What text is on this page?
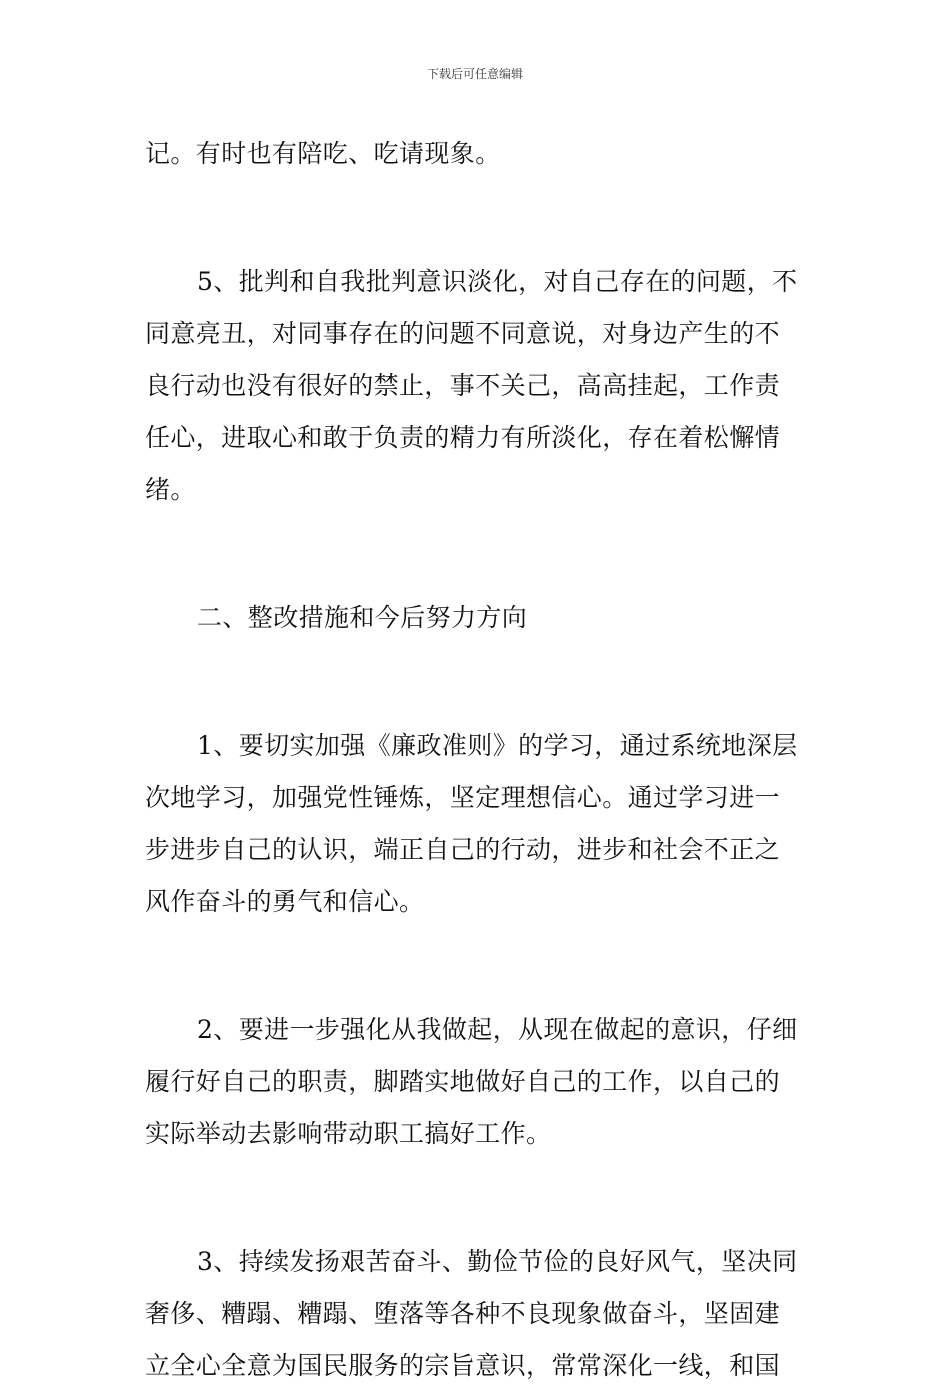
下载后可任意编辑
记。有时也有陪吃、吃请现象。
5、批判和自我批判意识淡化，对自己存在的问题，不
同意亮丑，对同事存在的问题不同意说，对身边产生的不
良行动也没有很好的禁止，事不关己，高高挂起，工作责
任心，进取心和敢于负责的精力有所淡化，存在着松懈情
绪。
二、整改措施和今后努力方向
1、要切实加强《廉政准则》的学习，通过系统地深层
次地学习，加强党性锤炼，坚定理想信心。通过学习进一
步进步自己的认识，端正自己的行动，进步和社会不正之
风作奋斗的勇气和信心。
2、要进一步强化从我做起，从现在做起的意识，仔细
履行好自己的职责，脚踏实地做好自己的工作，以自己的
实际举动去影响带动职工搞好工作。
3、持续发扬艰苦奋斗、勤俭节俭的良好风气，坚决同
奢侈、糟蹋、糟蹋、堕落等各种不良现象做奋斗，坚固建
立全心全意为国民服务的宗旨意识，常常深化一线，和国
